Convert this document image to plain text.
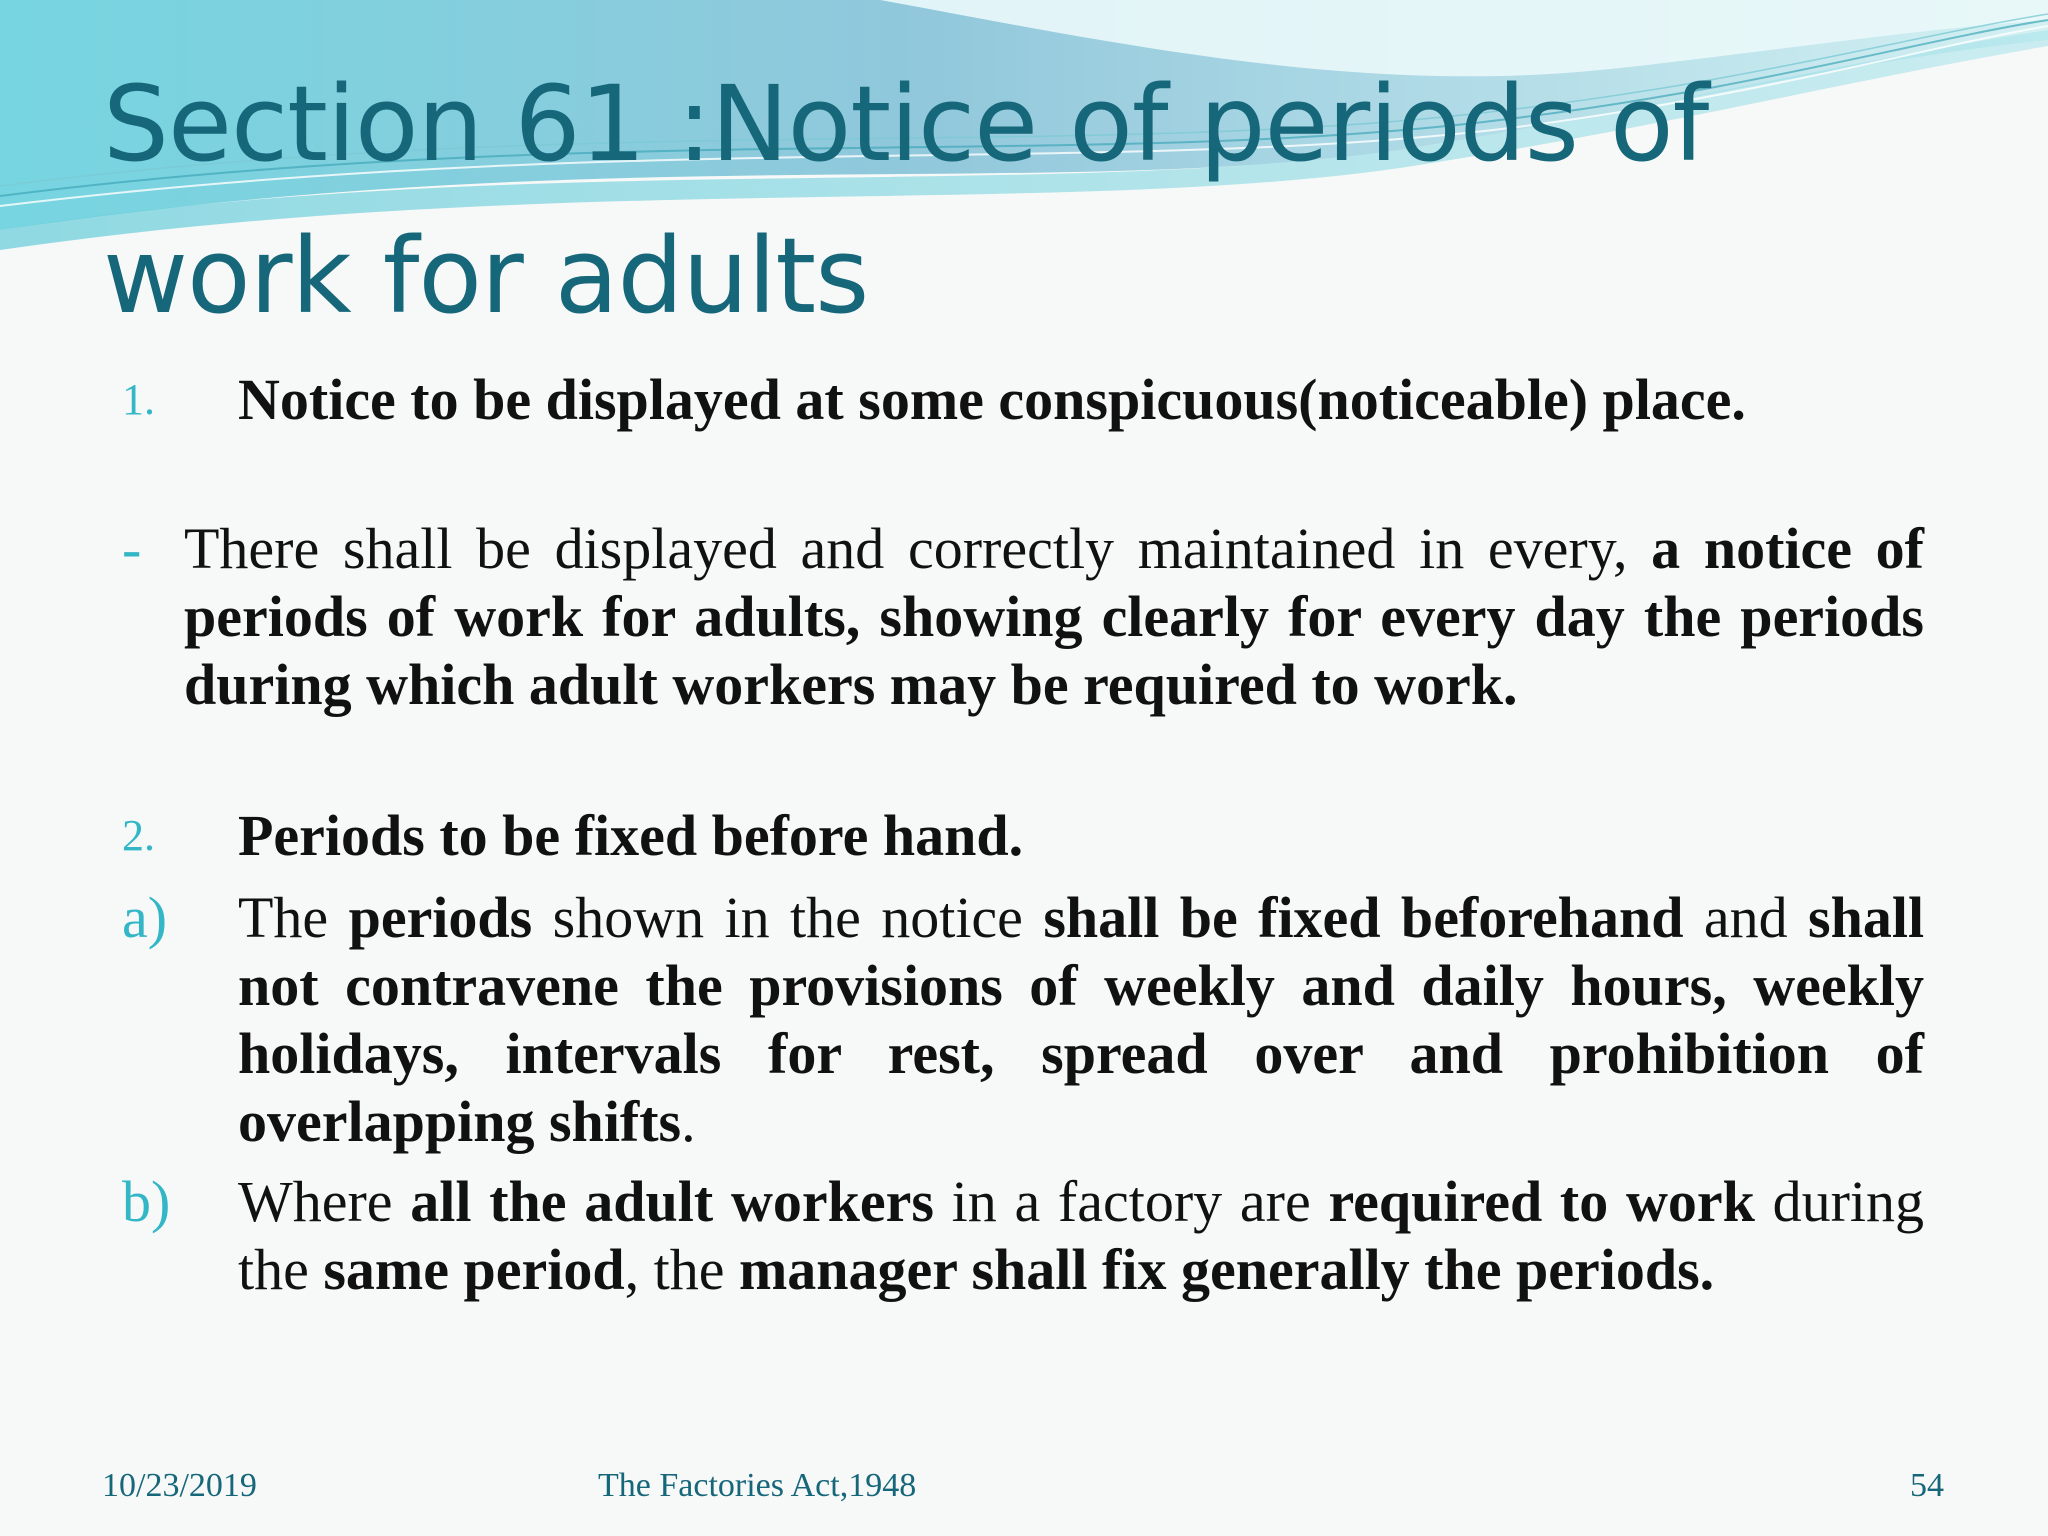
Section 61 :Notice of periods of work for adults
1. Notice to be displayed at some conspicuous(noticeable) place.
- There shall be displayed and correctly maintained in every, a notice of periods of work for adults, showing clearly for every day the periods during which adult workers may be required to work.
2. Periods to be fixed before hand.
a) The periods shown in the notice shall be fixed beforehand and shall not contravene the provisions of weekly and daily hours, weekly holidays, intervals for rest, spread over and prohibition of overlapping shifts.
b) Where all the adult workers in a factory are required to work during the same period, the manager shall fix generally the periods.
10/23/2019	The Factories Act,1948	54
